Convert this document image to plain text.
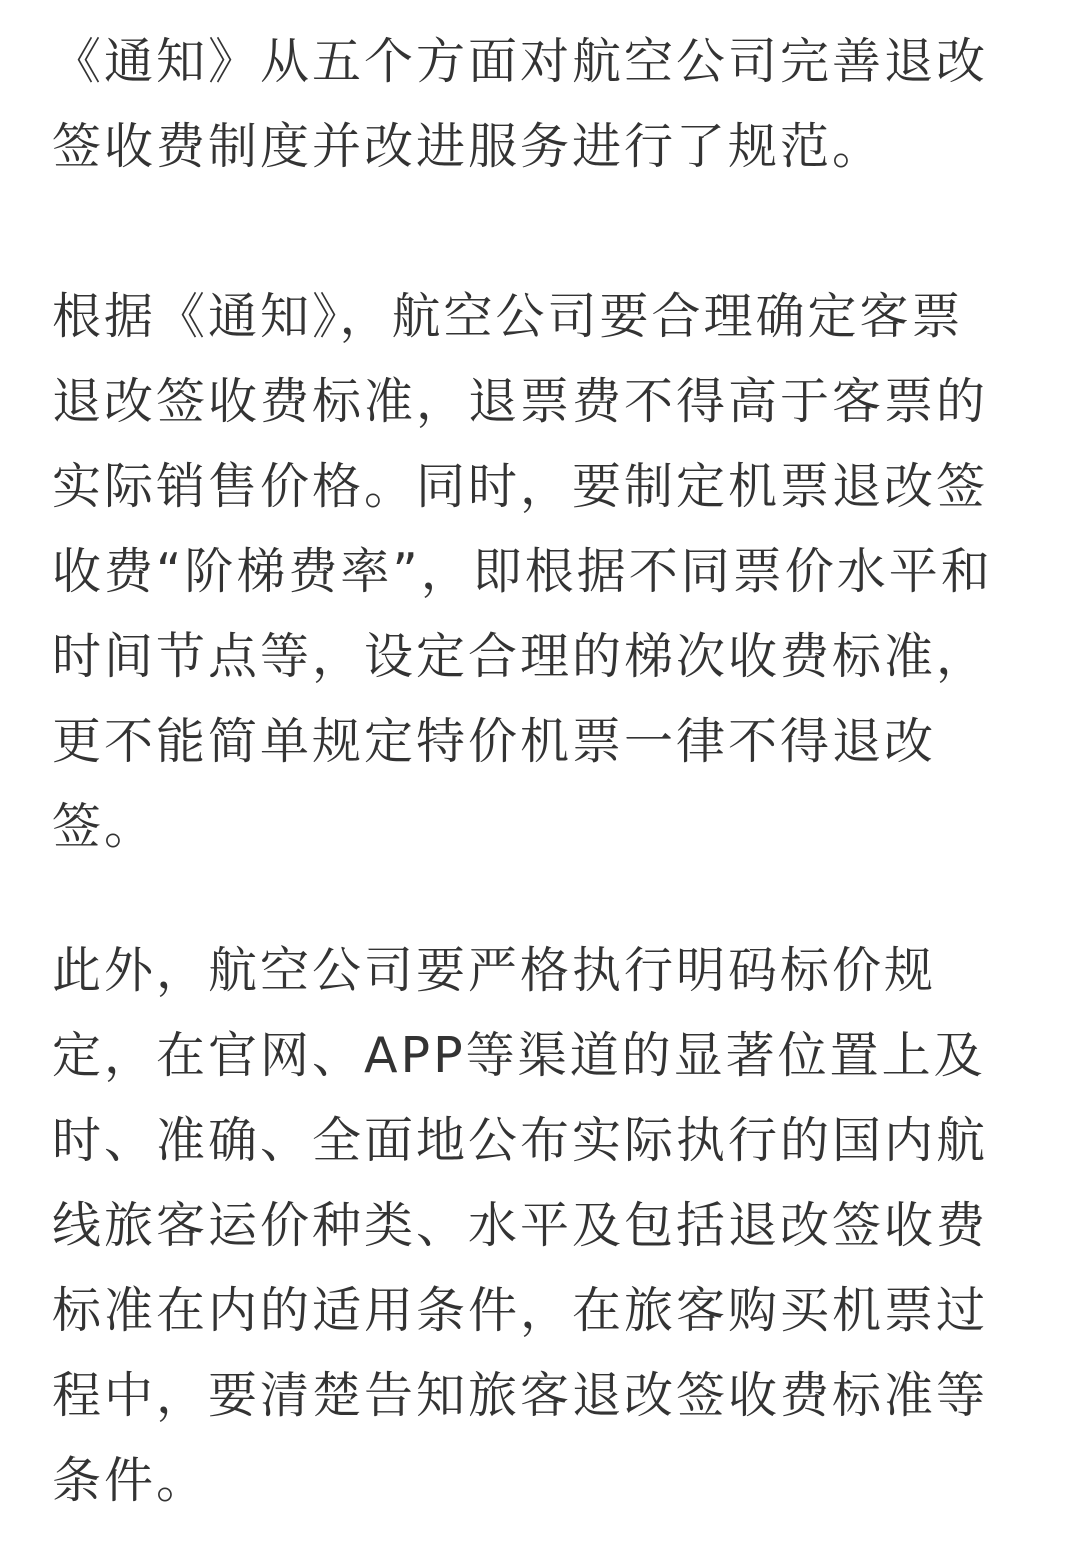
《通知》从五个方面对航空公司完善退改
签收费制度并改进服务进行了规范。

根据《通知》，航空公司要合理确定客票
退改签收费标准，退票费不得高于客票的
实际销售价格。同时，要制定机票退改签
收费“阶梯费率”，即根据不同票价水平和
时间节点等，设定合理的梯次收费标准，
更不能简单规定特价机票一律不得退改
签。

此外，航空公司要严格执行明码标价规
定，在官网、APP等渠道的显著位置上及
时、准确、全面地公布实际执行的国内航
线旅客运价种类、水平及包括退改签收费
标准在内的适用条件，在旅客购买机票过
程中，要清楚告知旅客退改签收费标准等
条件。
